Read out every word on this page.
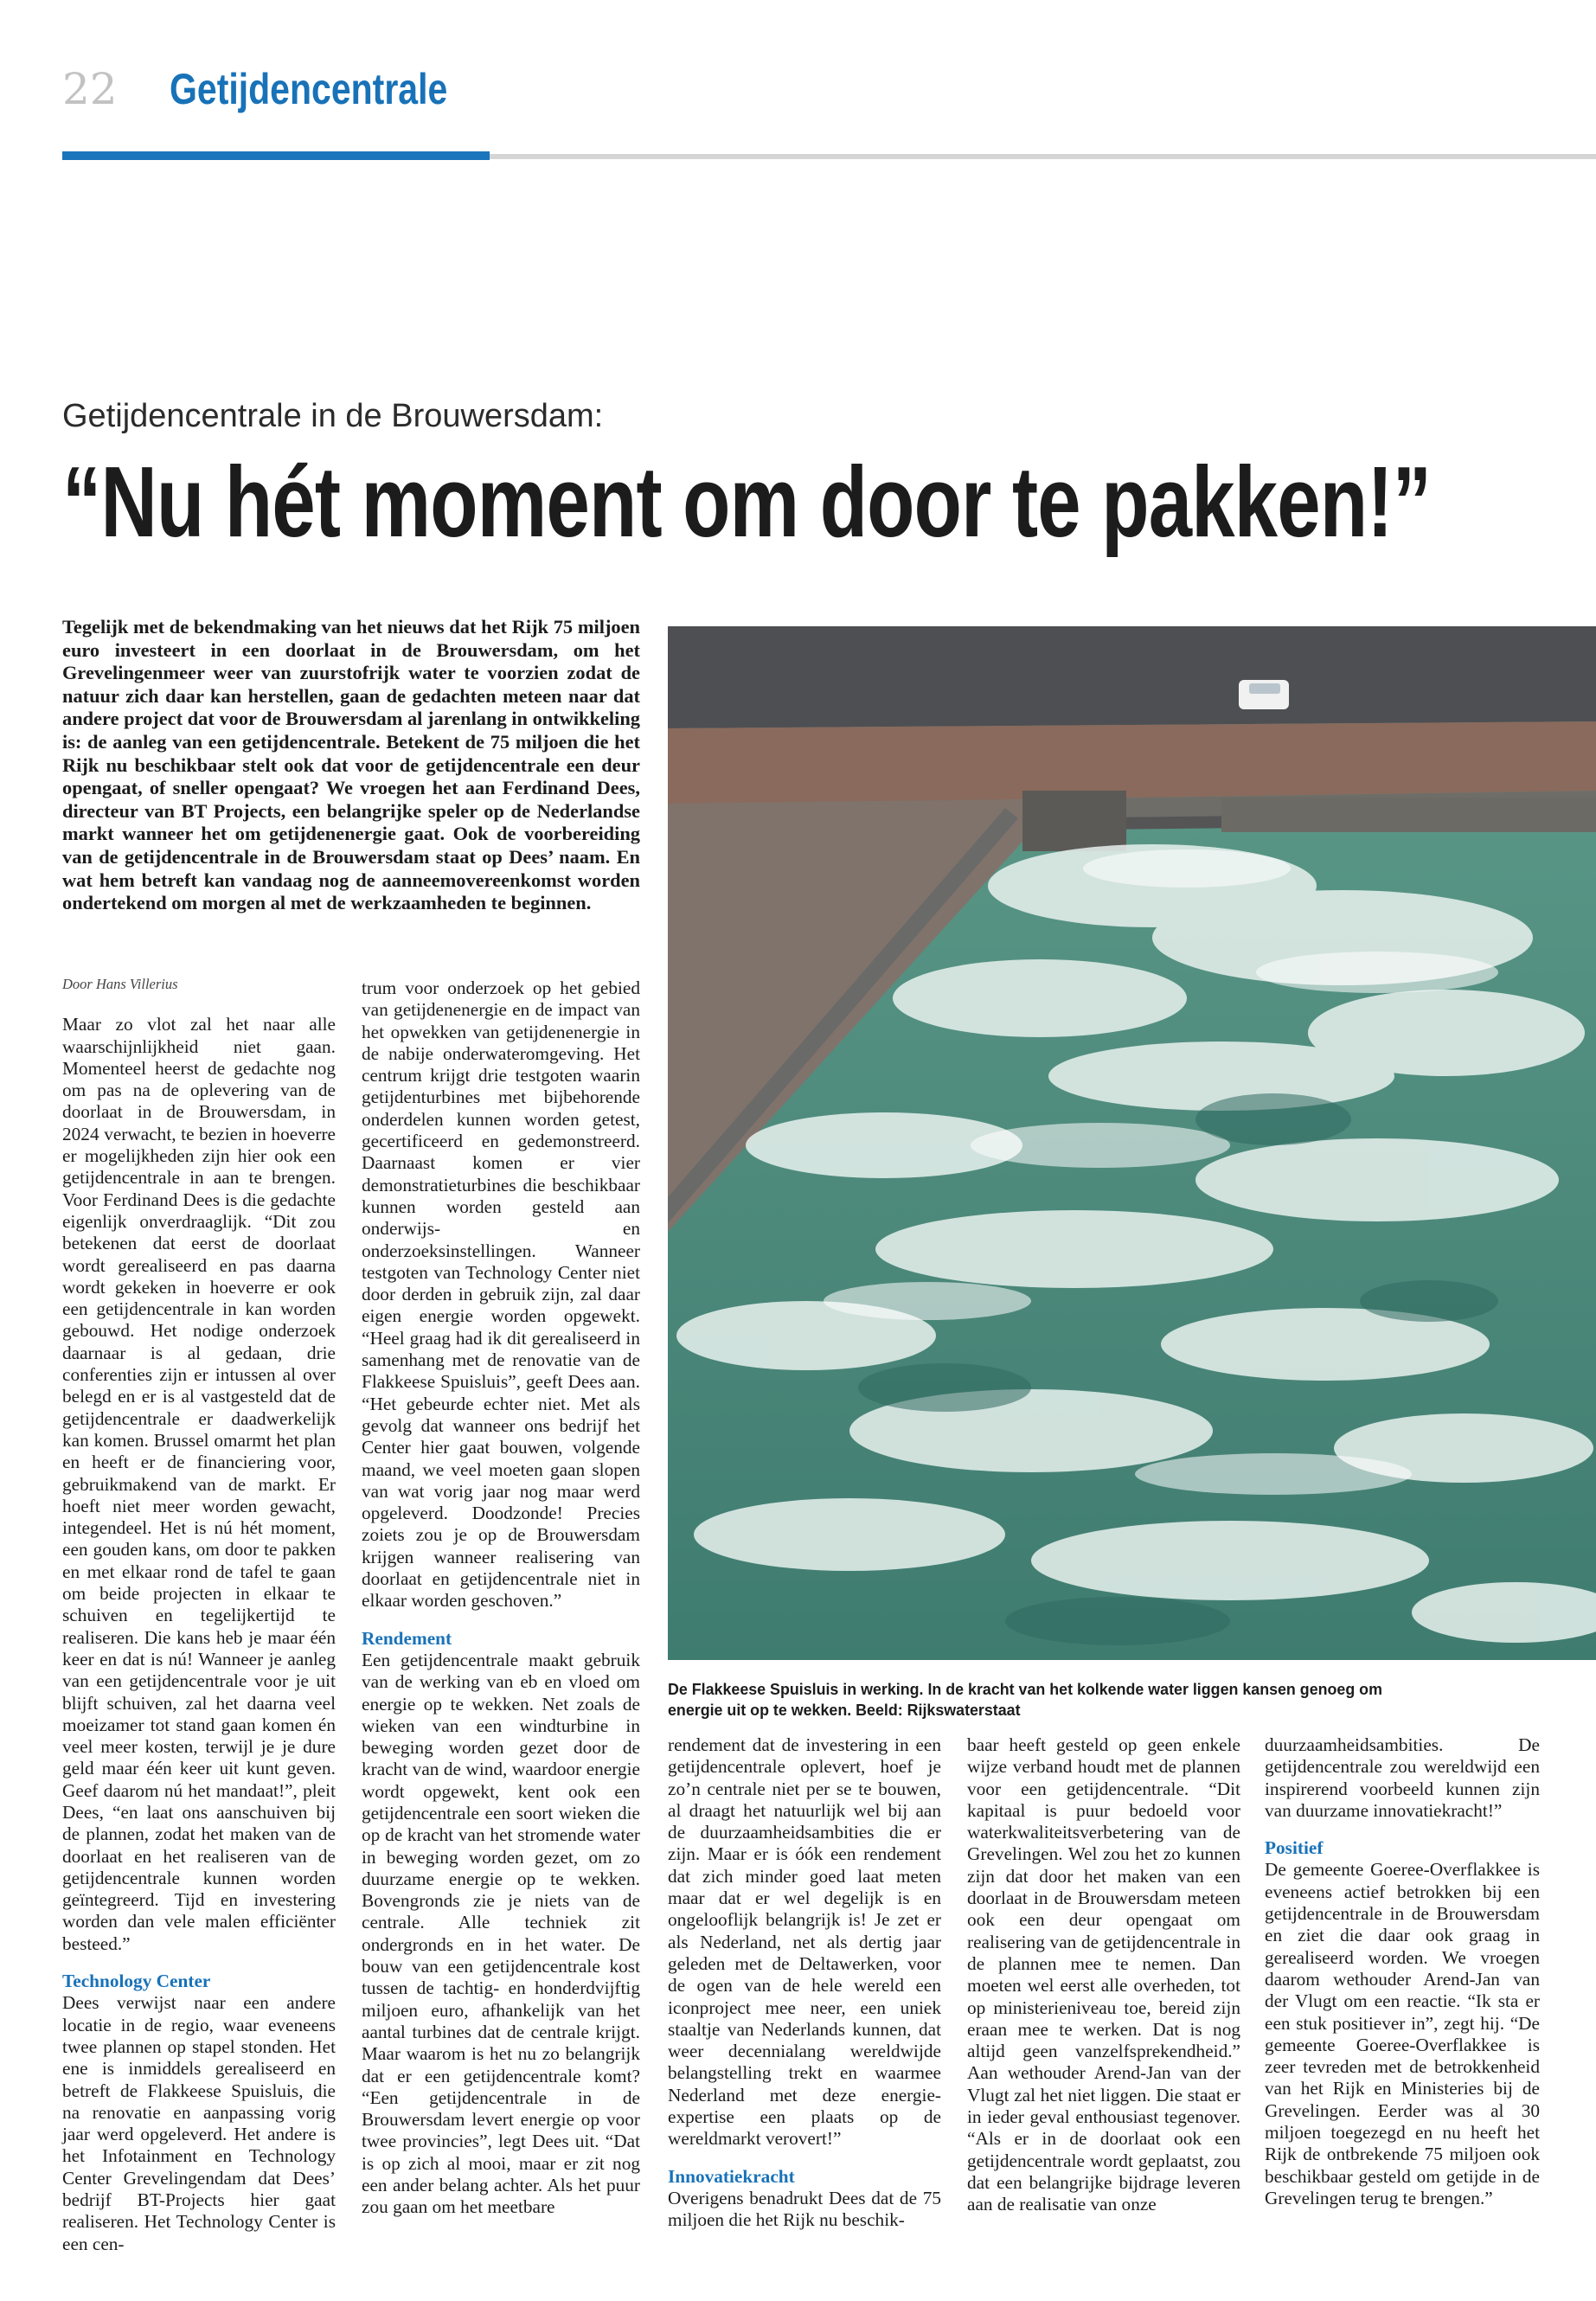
22 Getijdencentrale
Getijdencentrale in de Brouwersdam:
“Nu hét moment om door te pakken!”

Tegelijk met de bekendmaking van het nieuws dat het Rijk 75 miljoen euro investeert in een doorlaat in de Brouwersdam, om het Grevelingenmeer weer van zuurstofrijk water te voorzien zodat de natuur zich daar kan herstellen, gaan de gedachten meteen naar dat andere project dat voor de Brouwersdam al jarenlang in ontwikkeling is: de aanleg van een getijdencentrale. Betekent de 75 miljoen die het Rijk nu beschikbaar stelt ook dat voor de getijdencentrale een deur opengaat, of sneller opengaat? We vroegen het aan Ferdinand Dees, directeur van BT Projects, een belangrijke speler op de Nederlandse markt wanneer het om getijdenenergie gaat. Ook de voorbereiding van de getijdencentrale in de Brouwersdam staat op Dees’ naam. En wat hem betreft kan vandaag nog de aanneemovereenkomst worden ondertekend om morgen al met de werkzaamheden te beginnen.

Door Hans Villerius

Maar zo vlot zal het naar alle waarschijnlijkheid niet gaan. Momenteel heerst de gedachte nog om pas na de oplevering van de doorlaat in de Brouwersdam, in 2024 verwacht, te bezien in hoeverre er mogelijkheden zijn hier ook een getijdencentrale in aan te brengen. Voor Ferdinand Dees is die gedachte eigenlijk onverdraaglijk. “Dit zou betekenen dat eerst de doorlaat wordt gerealiseerd en pas daarna wordt gekeken in hoeverre er ook een getijdencentrale in kan worden gebouwd. Het nodige onderzoek daarnaar is al gedaan, drie conferenties zijn er intussen al over belegd en er is al vastgesteld dat de getijdencentrale er daadwerkelijk kan komen. Brussel omarmt het plan en heeft er de financiering voor, gebruikmakend van de markt. Er hoeft niet meer worden gewacht, integendeel. Het is nú hét moment, een gouden kans, om door te pakken en met elkaar rond de tafel te gaan om beide projecten in elkaar te schuiven en tegelijkertijd te realiseren. Die kans heb je maar één keer en dat is nú! Wanneer je aanleg van een getijdencentrale voor je uit blijft schuiven, zal het daarna veel moeizamer tot stand gaan komen én veel meer kosten, terwijl je je dure geld maar één keer uit kunt geven. Geef daarom nú het mandaat!”, pleit Dees, “en laat ons aanschuiven bij de plannen, zodat het maken van de doorlaat en het realiseren van de getijdencentrale kunnen worden geïntegreerd. Tijd en investering worden dan vele malen efficiënter besteed.”

Technology Center

Dees verwijst naar een andere locatie in de regio, waar eveneens twee plannen op stapel stonden. Het ene is inmiddels gerealiseerd en betreft de Flakkeese Spuisluis, die na renovatie en aanpassing vorig jaar werd opgeleverd. Het andere is het Infotainment en Technology Center Grevelingendam dat Dees’ bedrijf BT-Projects hier gaat realiseren. Het Technology Center is een cen-

trum voor onderzoek op het gebied van getijdenenergie en de impact van het opwekken van getijdenenergie in de nabije onderwateromgeving. Het centrum krijgt drie testgoten waarin getijdenturbines met bijbehorende onderdelen kunnen worden getest, gecertificeerd en gedemonstreerd. Daarnaast komen er vier demonstratieturbines die beschikbaar kunnen worden gesteld aan onderwijs- en onderzoeksinstellingen. Wanneer testgoten van Technology Center niet door derden in gebruik zijn, zal daar eigen energie worden opgewekt. “Heel graag had ik dit gerealiseerd in samenhang met de renovatie van de Flakkeese Spuisluis”, geeft Dees aan. “Het gebeurde echter niet. Met als gevolg dat wanneer ons bedrijf het Center hier gaat bouwen, volgende maand, we veel moeten gaan slopen van wat vorig jaar nog maar werd opgeleverd. Doodzonde! Precies zoiets zou je op de Brouwersdam krijgen wanneer realisering van doorlaat en getijdencentrale niet in elkaar worden geschoven.”

Rendement

Een getijdencentrale maakt gebruik van de werking van eb en vloed om energie op te wekken. Net zoals de wieken van een windturbine in beweging worden gezet door de kracht van de wind, waardoor energie wordt opgewekt, kent ook een getijdencentrale een soort wieken die op de kracht van het stromende water in beweging worden gezet, om zo duurzame energie op te wekken. Bovengronds zie je niets van de centrale. Alle techniek zit ondergronds en in het water. De bouw van een getijdencentrale kost tussen de tachtig- en honderdvijftig miljoen euro, afhankelijk van het aantal turbines dat de centrale krijgt. Maar waarom is het nu zo belangrijk dat er een getijdencentrale komt? “Een getijdencentrale in de Brouwersdam levert energie op voor twee provincies”, legt Dees uit. “Dat is op zich al mooi, maar er zit nog een ander belang achter. Als het puur zou gaan om het meetbare

De Flakkeese Spuisluis in werking. In de kracht van het kolkende water liggen kansen genoeg om energie uit op te wekken. Beeld: Rijkswaterstaat

rendement dat de investering in een getijdencentrale oplevert, hoef je zo’n centrale niet per se te bouwen, al draagt het natuurlijk wel bij aan de duurzaamheidsambities die er zijn. Maar er is óók een rendement dat zich minder goed laat meten maar dat er wel degelijk is en ongelooflijk belangrijk is! Je zet er als Nederland, net als dertig jaar geleden met de Deltawerken, voor de ogen van de hele wereld een iconproject mee neer, een uniek staaltje van Nederlands kunnen, dat weer decennialang wereldwijde belangstelling trekt en waarmee Nederland met deze energie-expertise een plaats op de wereldmarkt verovert!”

Innovatiekracht

Overigens benadrukt Dees dat de 75 miljoen die het Rijk nu beschik-

baar heeft gesteld op geen enkele wijze verband houdt met de plannen voor een getijdencentrale. “Dit kapitaal is puur bedoeld voor waterkwaliteitsverbetering van de Grevelingen. Wel zou het zo kunnen zijn dat door het maken van een doorlaat in de Brouwersdam meteen ook een deur opengaat om realisering van de getijdencentrale in de plannen mee te nemen. Dan moeten wel eerst alle overheden, tot op ministerieniveau toe, bereid zijn eraan mee te werken. Dat is nog altijd geen vanzelfsprekendheid.” Aan wethouder Arend-Jan van der Vlugt zal het niet liggen. Die staat er in ieder geval enthousiast tegenover. “Als er in de doorlaat ook een getijdencentrale wordt geplaatst, zou dat een belangrijke bijdrage leveren aan de realisatie van onze

duurzaamheidsambities. De getijdencentrale zou wereldwijd een inspirerend voorbeeld kunnen zijn van duurzame innovatiekracht!”

Positief

De gemeente Goeree-Overflakkee is eveneens actief betrokken bij een getijdencentrale in de Brouwersdam en ziet die daar ook graag in gerealiseerd worden. We vroegen daarom wethouder Arend-Jan van der Vlugt om een reactie. “Ik sta er een stuk positiever in”, zegt hij. “De gemeente Goeree-Overflakkee is zeer tevreden met de betrokkenheid van het Rijk en Ministeries bij de Grevelingen. Eerder was al 30 miljoen toegezegd en nu heeft het Rijk de ontbrekende 75 miljoen ook beschikbaar gesteld om getijde in de Grevelingen terug te brengen.”
